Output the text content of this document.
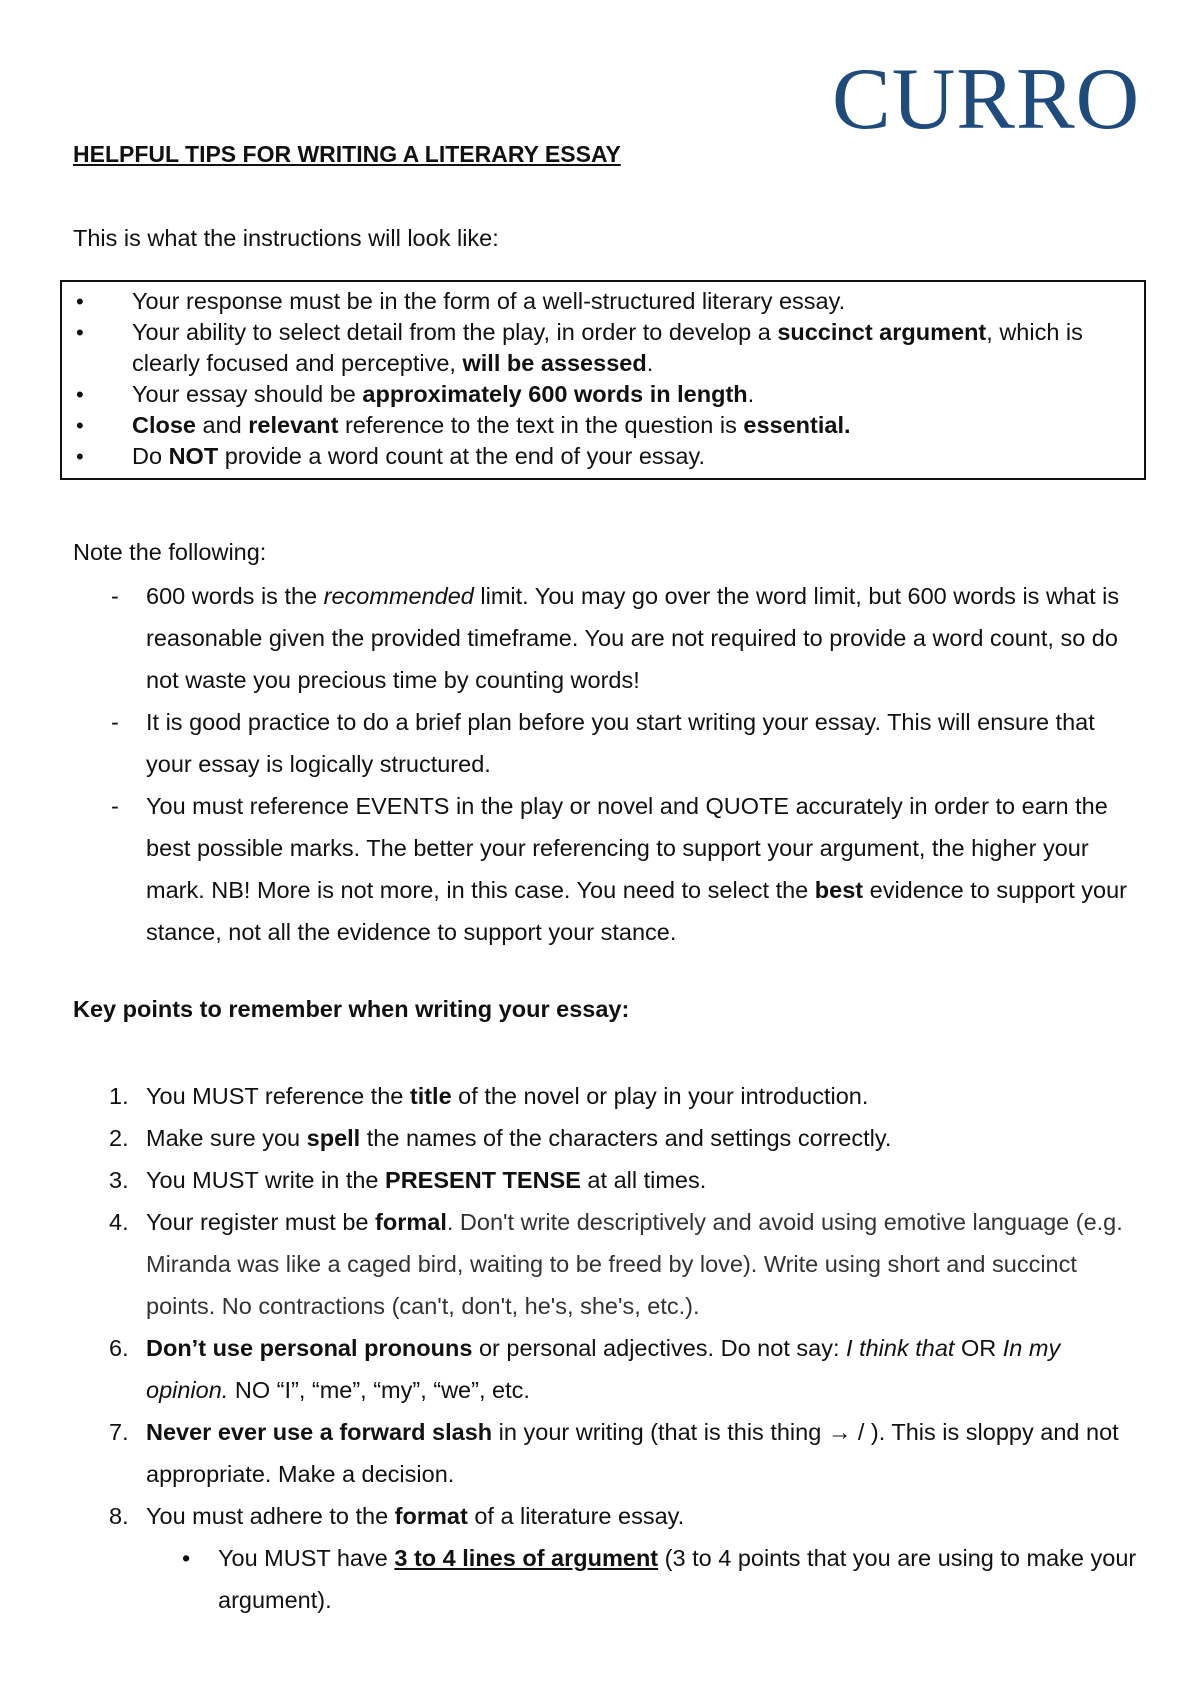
CURRO
HELPFUL TIPS FOR WRITING A LITERARY ESSAY
This is what the instructions will look like:
• Your response must be in the form of a well-structured literary essay.
• Your ability to select detail from the play, in order to develop a succinct argument, which is clearly focused and perceptive, will be assessed.
• Your essay should be approximately 600 words in length.
• Close and relevant reference to the text in the question is essential.
• Do NOT provide a word count at the end of your essay.
Note the following:
- 600 words is the recommended limit. You may go over the word limit, but 600 words is what is reasonable given the provided timeframe. You are not required to provide a word count, so do not waste you precious time by counting words!
- It is good practice to do a brief plan before you start writing your essay. This will ensure that your essay is logically structured.
- You must reference EVENTS in the play or novel and QUOTE accurately in order to earn the best possible marks. The better your referencing to support your argument, the higher your mark. NB! More is not more, in this case. You need to select the best evidence to support your stance, not all the evidence to support your stance.
Key points to remember when writing your essay:
1. You MUST reference the title of the novel or play in your introduction.
2. Make sure you spell the names of the characters and settings correctly.
3. You MUST write in the PRESENT TENSE at all times.
4. Your register must be formal. Don't write descriptively and avoid using emotive language (e.g. Miranda was like a caged bird, waiting to be freed by love). Write using short and succinct points. No contractions (can't, don't, he's, she's, etc.).
6. Don’t use personal pronouns or personal adjectives. Do not say: I think that OR In my opinion. NO “I”, “me”, “my”, “we”, etc.
7. Never ever use a forward slash in your writing (that is this thing → / ). This is sloppy and not appropriate. Make a decision.
8. You must adhere to the format of a literature essay.
• You MUST have 3 to 4 lines of argument (3 to 4 points that you are using to make your argument).
